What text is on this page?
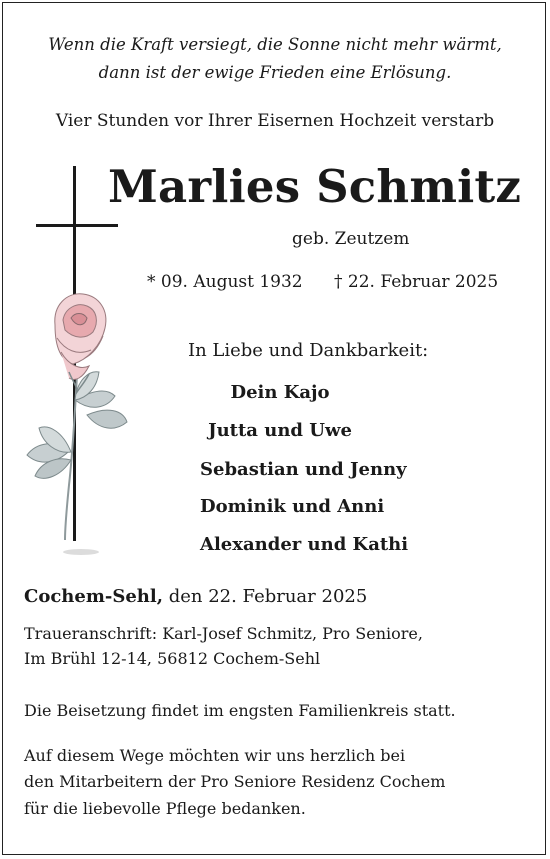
Wenn die Kraft versiegt, die Sonne nicht mehr wärmt,

dann ist der ewige Frieden eine Erlösung.

Vier Stunden vor Ihrer Eisernen Hochzeit verstarb

Marlies Schmitz

geb. Zeutzem

* 09. August 1932 † 22. Februar 2025

In Liebe und Dankbarkeit:

Dein Kajo

Jutta und Uwe

Sebastian und Jenny

Dominik und Anni

Alexander und Kathi

Cochem-Sehl, den 22. Februar 2025

Traueranschrift: Karl-Josef Schmitz, Pro Seniore,

Im Brühl 12-14, 56812 Cochem-Sehl

Die Beisetzung findet im engsten Familienkreis statt.

Auf diesem Wege möchten wir uns herzlich bei

den Mitarbeitern der Pro Seniore Residenz Cochem

für die liebevolle Pflege bedanken.
